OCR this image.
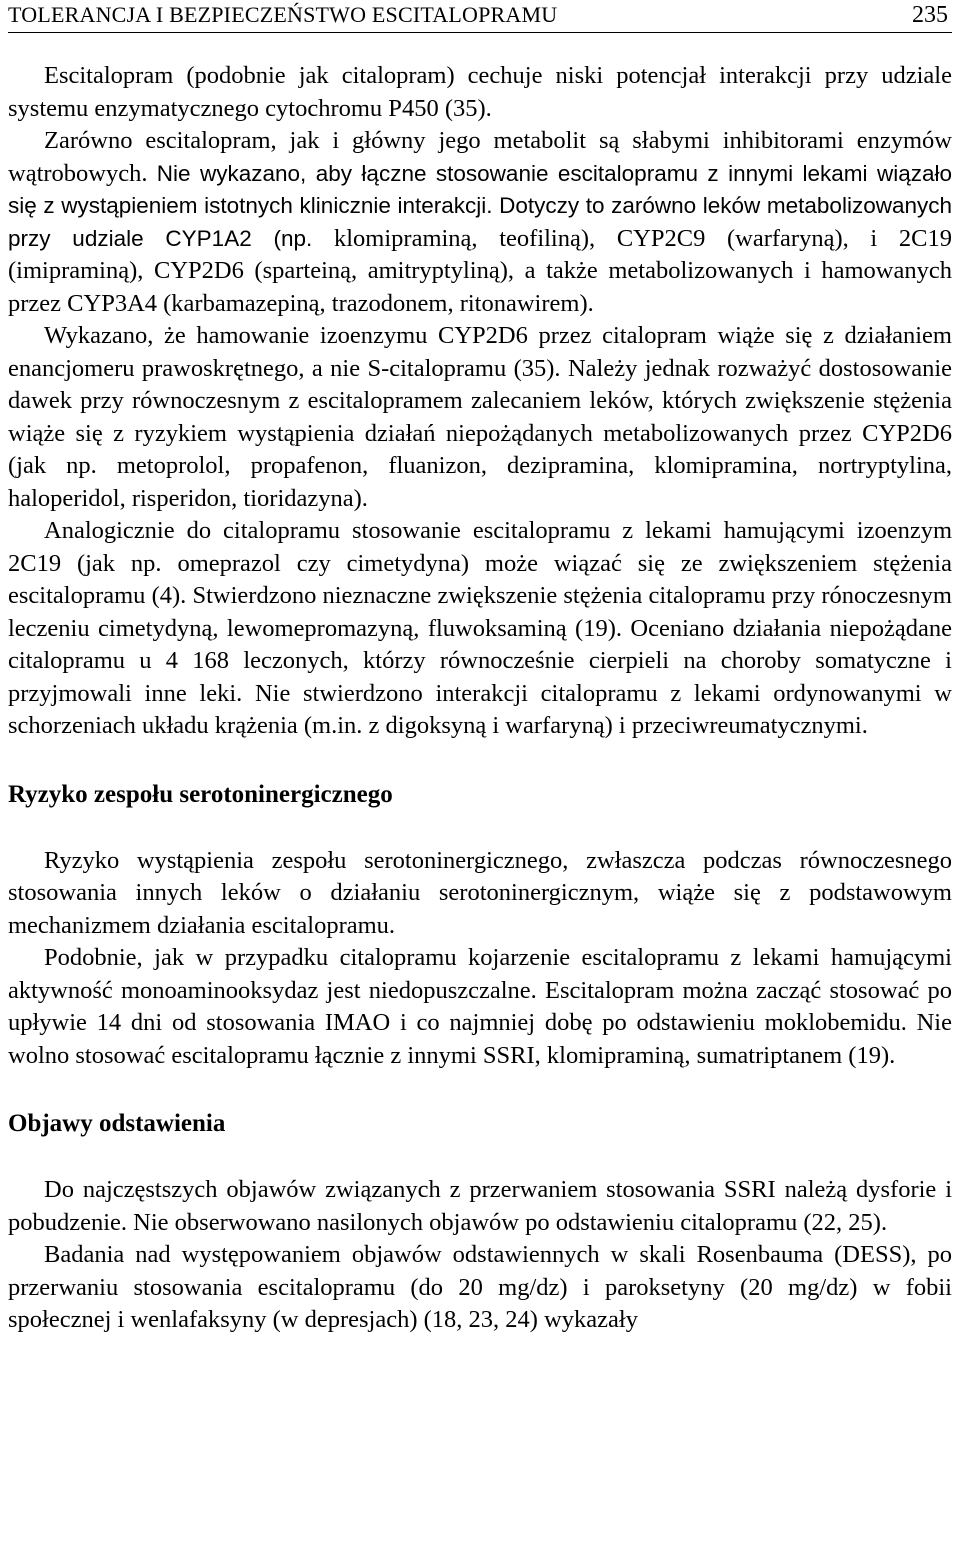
TOLERANCJA I BEZPIECZEŃSTWO ESCITALOPRAMU	235

Escitalopram (podobnie jak citalopram) cechuje niski potencjał interakcji przy udziale systemu enzymatycznego cytochromu P450 (35).

Zarówno escitalopram, jak i główny jego metabolit są słabymi inhibitorami enzymów wątrobowych. Nie wykazano, aby łączne stosowanie escitalopramu z innymi lekami wiązało się z wystąpieniem istotnych klinicznie interakcji. Dotyczy to zarówno leków metabolizowanych przy udziale CYP1A2 (np. klomipraminą, teofiliną), CYP2C9 (warfaryną), i 2C19 (imipraminą), CYP2D6 (sparteiną, amitryptyliną), a także metabolizowanych i hamowanych przez CYP3A4 (karbamazepiną, trazodonem, ritonawirem).

Wykazano, że hamowanie izoenzymu CYP2D6 przez citalopram wiąże się z działaniem enancjomeru prawoskrętnego, a nie S-citalopramu (35). Należy jednak rozważyć dostosowanie dawek przy równoczesnym z escitalopramem zalecaniem leków, których zwiększenie stężenia wiąże się z ryzykiem wystąpienia działań niepożądanych metabolizowanych przez CYP2D6 (jak np. metoprolol, propafenon, fluanizon, dezipramina, klomipramina, nortryptylina, haloperidol, risperidon, tioridazyna).

Analogicznie do citalopramu stosowanie escitalopramu z lekami hamującymi izoenzym 2C19 (jak np. omeprazol czy cimetydyna) może wiązać się ze zwiększeniem stężenia escitalopramu (4). Stwierdzono nieznaczne zwiększenie stężenia citalopramu przy rónoczesnym leczeniu cimetydyną, lewomepromazyną, fluwoksaminą (19). Oceniano działania niepożądane citalopramu u 4 168 leczonych, którzy równocześnie cierpieli na choroby somatyczne i przyjmowali inne leki. Nie stwierdzono interakcji citalopramu z lekami ordynowanymi w schorzeniach układu krążenia (m.in. z digoksyną i warfaryną) i przeciwreumatycznymi.

Ryzyko zespołu serotoninergicznego

Ryzyko wystąpienia zespołu serotoninergicznego, zwłaszcza podczas równoczesnego stosowania innych leków o działaniu serotoninergicznym, wiąże się z podstawowym mechanizmem działania escitalopramu.

Podobnie, jak w przypadku citalopramu kojarzenie escitalopramu z lekami hamującymi aktywność monoaminooksydaz jest niedopuszczalne. Escitalopram można zacząć stosować po upływie 14 dni od stosowania IMAO i co najmniej dobę po odstawieniu moklobemidu. Nie wolno stosować escitalopramu łącznie z innymi SSRI, klomipraminą, sumatriptanem (19).

Objawy odstawienia

Do najczęstszych objawów związanych z przerwaniem stosowania SSRI należą dysforie i pobudzenie. Nie obserwowano nasilonych objawów po odstawieniu citalopramu (22, 25).

Badania nad występowaniem objawów odstawiennych w skali Rosenbauma (DESS), po przerwaniu stosowania escitalopramu (do 20 mg/dz) i paroksetyny (20 mg/dz) w fobii społecznej i wenlafaksyny (w depresjach) (18, 23, 24) wykazały
